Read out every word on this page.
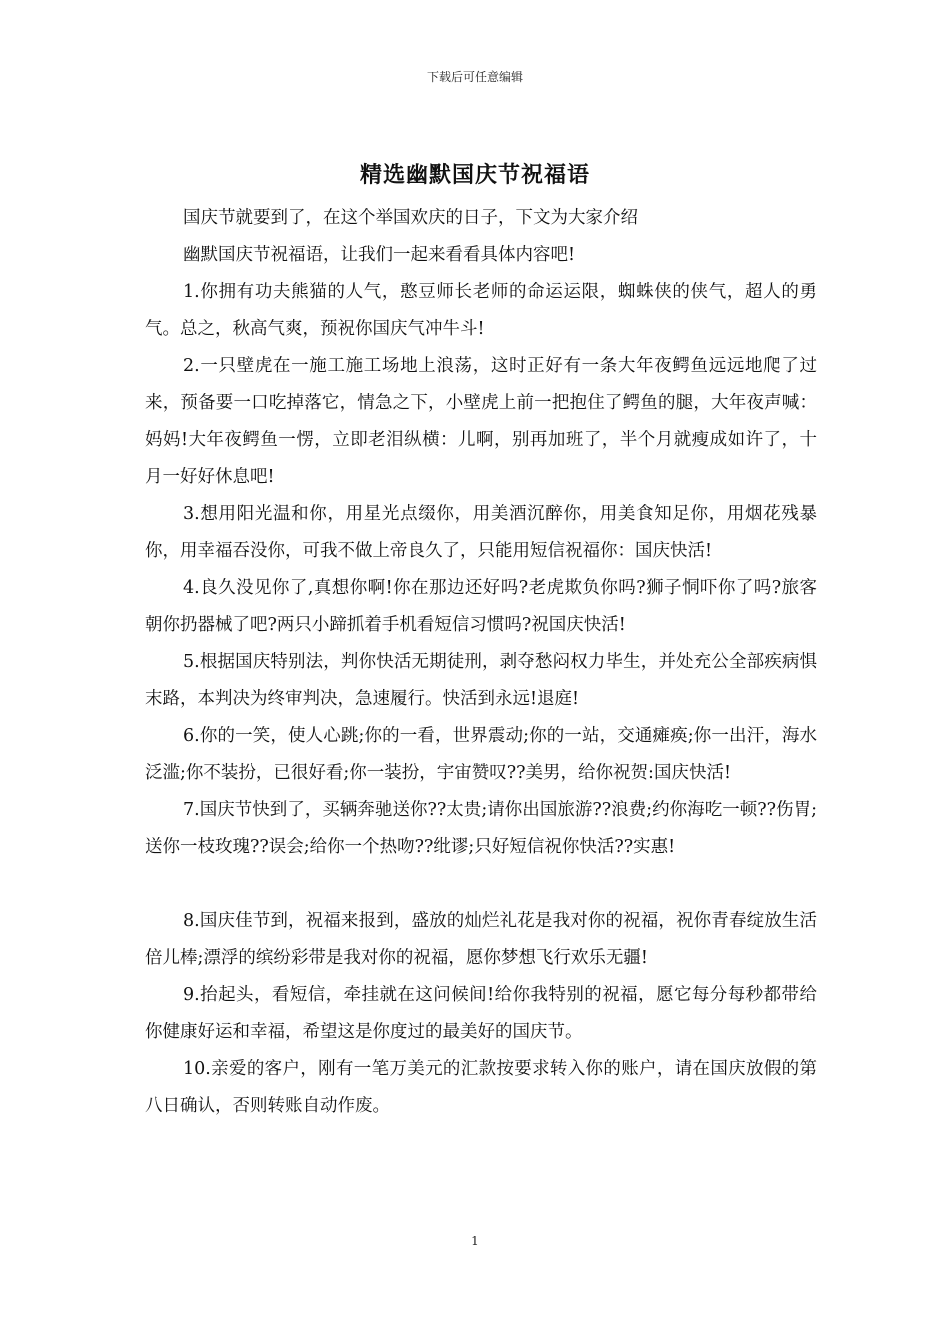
下载后可任意编辑
精选幽默国庆节祝福语

国庆节就要到了，在这个举国欢庆的日子，下文为大家介绍

幽默国庆节祝福语，让我们一起来看看具体内容吧!

1.你拥有功夫熊猫的人气，憨豆师长老师的命运运限，蜘蛛侠的侠气，超人的勇气。总之，秋高气爽，预祝你国庆气冲牛斗!

2.一只壁虎在一施工施工场地上浪荡，这时正好有一条大年夜鳄鱼远远地爬了过来，预备要一口吃掉落它，情急之下，小壁虎上前一把抱住了鳄鱼的腿，大年夜声喊：妈妈!大年夜鳄鱼一愣，立即老泪纵横：儿啊，别再加班了，半个月就瘦成如许了，十月一好好休息吧!

3.想用阳光温和你，用星光点缀你，用美酒沉醉你，用美食知足你，用烟花残暴你，用幸福吞没你，可我不做上帝良久了，只能用短信祝福你：国庆快活!

4.良久没见你了,真想你啊!你在那边还好吗?老虎欺负你吗?狮子恫吓你了吗?旅客朝你扔器械了吧?两只小蹄抓着手机看短信习惯吗?祝国庆快活!

5.根据国庆特别法，判你快活无期徒刑，剥夺愁闷权力毕生，并处充公全部疾病惧末路，本判决为终审判决，急速履行。快活到永远!退庭!

6.你的一笑，使人心跳;你的一看，世界震动;你的一站，交通瘫痪;你一出汗，海水泛滥;你不装扮，已很好看;你一装扮，宇宙赞叹??美男，给你祝贺:国庆快活!

7.国庆节快到了，买辆奔驰送你??太贵;请你出国旅游??浪费;约你海吃一顿??伤胃;送你一枝玫瑰??误会;给你一个热吻??纰谬;只好短信祝你快活??实惠!

8.国庆佳节到，祝福来报到，盛放的灿烂礼花是我对你的祝福，祝你青春绽放生活倍儿棒;漂浮的缤纷彩带是我对你的祝福，愿你梦想飞行欢乐无疆!

9.抬起头，看短信，牵挂就在这问候间!给你我特别的祝福，愿它每分每秒都带给你健康好运和幸福，希望这是你度过的最美好的国庆节。

10.亲爱的客户，刚有一笔万美元的汇款按要求转入你的账户，请在国庆放假的第八日确认，否则转账自动作废。

1
